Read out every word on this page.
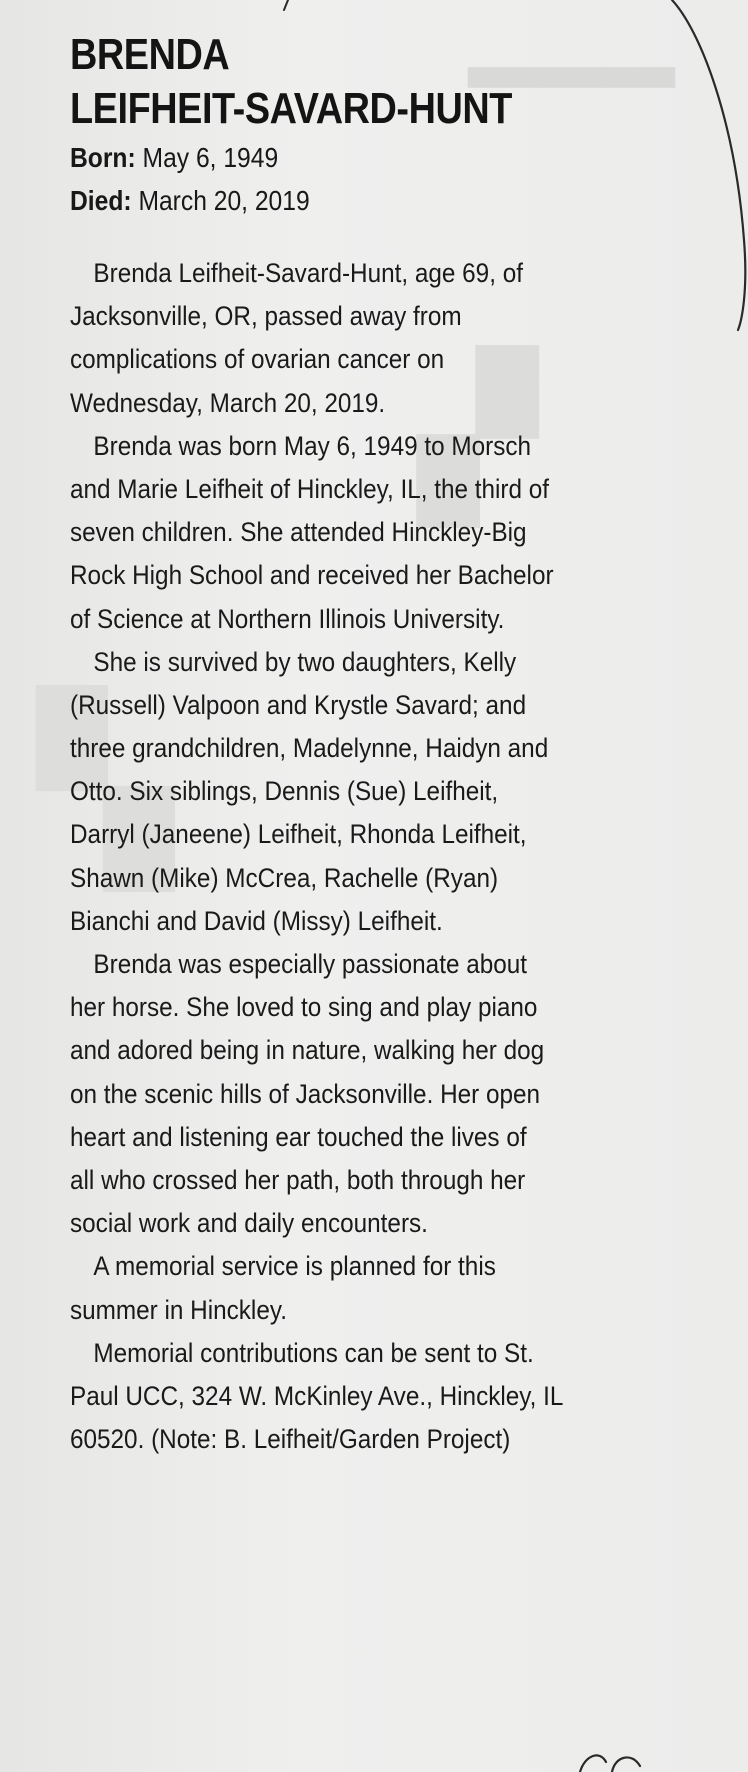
▔▔▔
▞
▚
BRENDA
LEIFHEIT-SAVARD-HUNT
Born: May 6, 1949
Died: March 20, 2019
Brenda Leifheit-Savard-Hunt, age 69, of
Jacksonville, OR, passed away from
complications of ovarian cancer on
Wednesday, March 20, 2019.
Brenda was born May 6, 1949 to Morsch
and Marie Leifheit of Hinckley, IL, the third of
seven children. She attended Hinckley-Big
Rock High School and received her Bachelor
of Science at Northern Illinois University.
She is survived by two daughters, Kelly
(Russell) Valpoon and Krystle Savard; and
three grandchildren, Madelynne, Haidyn and
Otto. Six siblings, Dennis (Sue) Leifheit,
Darryl (Janeene) Leifheit, Rhonda Leifheit,
Shawn (Mike) McCrea, Rachelle (Ryan)
Bianchi and David (Missy) Leifheit.
Brenda was especially passionate about
her horse. She loved to sing and play piano
and adored being in nature, walking her dog
on the scenic hills of Jacksonville. Her open
heart and listening ear touched the lives of
all who crossed her path, both through her
social work and daily encounters.
A memorial service is planned for this
summer in Hinckley.
Memorial contributions can be sent to St.
Paul UCC, 324 W. McKinley Ave., Hinckley, IL
60520. (Note: B. Leifheit/Garden Project)
